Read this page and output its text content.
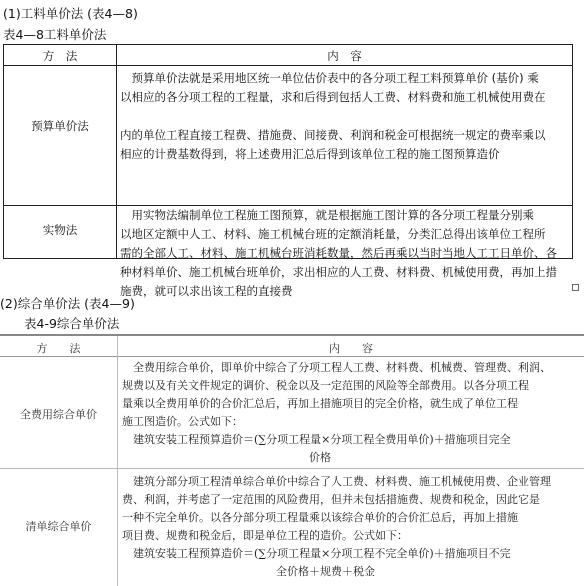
(1)工料单价法 (表4—8)
表4—8工料单价法
方　法	内　容
预算单价法
　预算单价法就是采用地区统一单位估价表中的各分项工程工料预算单价 (基价) 乘
以相应的各分项工程的工程量，求和后得到包括人工费、材料费和施工机械使用费在

内的单位工程直接工程费、措施费、间接费、利润和税金可根据统一规定的费率乘以
相应的计费基数得到，将上述费用汇总后得到该单位工程的施工图预算造价
实物法
　用实物法编制单位工程施工图预算，就是根据施工图计算的各分项工程量分别乘
以地区定额中人工、材料、施工机械台班的定额消耗量，分类汇总得出该单位工程所
需的全部人工、材料、施工机械台班消耗数量，然后再乘以当时当地人工工日单价、各
种材料单价、施工机械台班单价，求出相应的人工费、材料费、机械使用费，再加上措
施费，就可以求出该工程的直接费
(2)综合单价法 (表4—9)
表4-9综合单价法
方　　法	内　　容
全费用综合单价
　全费用综合单价，即单价中综合了分项工程人工费、材料费、机械费、管理费、利润、
规费以及有关文件规定的调价、税金以及一定范围的风险等全部费用。以各分项工程
量乘以全费用单价的合价汇总后，再加上措施项目的完全价格，就生成了单位工程
施工图造价。公式如下：
　建筑安装工程预算造价＝(∑分项工程量×分项工程全费用单价)＋措施项目完全
　　　　　　　　　　　　　　　　　价格
清单综合单价
　建筑分部分项工程清单综合单价中综合了人工费、材料费、施工机械使用费、企业管理
费、利润，并考虑了一定范围的风险费用，但并未包括措施费、规费和税金，因此它是
一种不完全单价。以各分部分项工程量乘以该综合单价的合价汇总后，再加上措施
项目费、规费和税金后，即是单位工程的造价。公式如下：
　建筑安装工程预算造价＝(∑分项工程量×分项工程不完全单价)＋措施项目不完
　　　　　　　　　　　　　　全价格＋规费＋税金
